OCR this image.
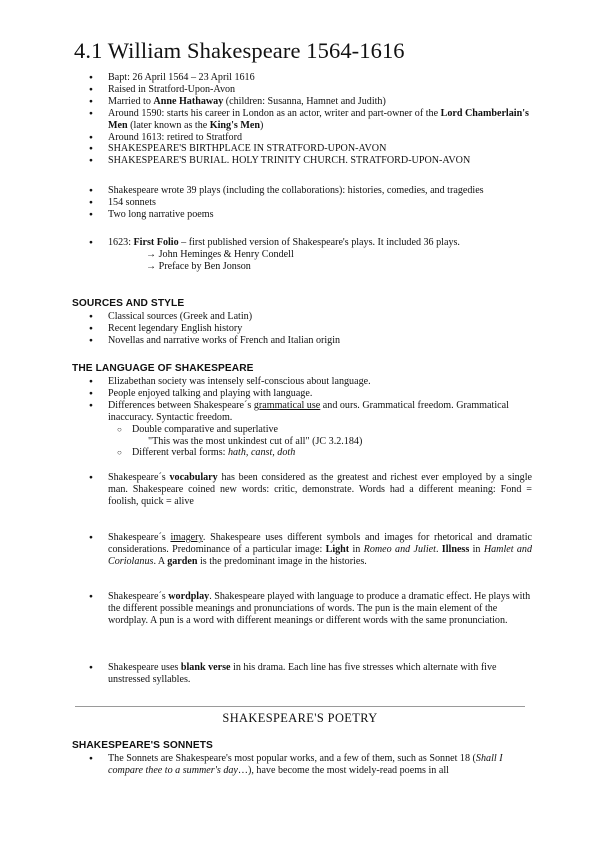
4.1 William Shakespeare 1564-1616
● Bapt: 26 April 1564 – 23 April 1616
● Raised in Stratford-Upon-Avon
● Married to Anne Hathaway (children: Susanna, Hamnet and Judith)
● Around 1590: starts his career in London as an actor, writer and part-owner of the Lord Chamberlain's Men (later known as the King's Men)
● Around 1613: retired to Stratford
● SHAKESPEARE'S BIRTHPLACE IN STRATFORD-UPON-AVON
● SHAKESPEARE'S BURIAL. HOLY TRINITY CHURCH. STRATFORD-UPON-AVON
● Shakespeare wrote 39 plays (including the collaborations): histories, comedies, and tragedies
● 154 sonnets
● Two long narrative poems
● 1623: First Folio – first published version of Shakespeare's plays. It included 36 plays.
→ John Heminges & Henry Condell
→ Preface by Ben Jonson
SOURCES AND STYLE
● Classical sources (Greek and Latin)
● Recent legendary English history
● Novellas and narrative works of French and Italian origin
THE LANGUAGE OF SHAKESPEARE
● Elizabethan society was intensely self-conscious about language.
● People enjoyed talking and playing with language.
● Differences between Shakespeare´s grammatical use and ours. Grammatical freedom. Grammatical inaccuracy. Syntactic freedom.
○ Double comparative and superlative
"This was the most unkindest cut of all" (JC 3.2.184)
○ Different verbal forms: hath, canst, doth
● Shakespeare´s vocabulary has been considered as the greatest and richest ever employed by a single man. Shakespeare coined new words: critic, demonstrate. Words had a different meaning: Fond = foolish, quick = alive
● Shakespeare´s imagery. Shakespeare uses different symbols and images for rhetorical and dramatic considerations. Predominance of a particular image: Light in Romeo and Juliet. Illness in Hamlet and Coriolanus. A garden is the predominant image in the histories.
● Shakespeare´s wordplay. Shakespeare played with language to produce a dramatic effect. He plays with the different possible meanings and pronunciations of words. The pun is the main element of the wordplay. A pun is a word with different meanings or different words with the same pronunciation.
● Shakespeare uses blank verse in his drama. Each line has five stresses which alternate with five unstressed syllables.
SHAKESPEARE'S POETRY
SHAKESPEARE'S SONNETS
● The Sonnets are Shakespeare's most popular works, and a few of them, such as Sonnet 18 (Shall I compare thee to a summer's day…), have become the most widely-read poems in all
